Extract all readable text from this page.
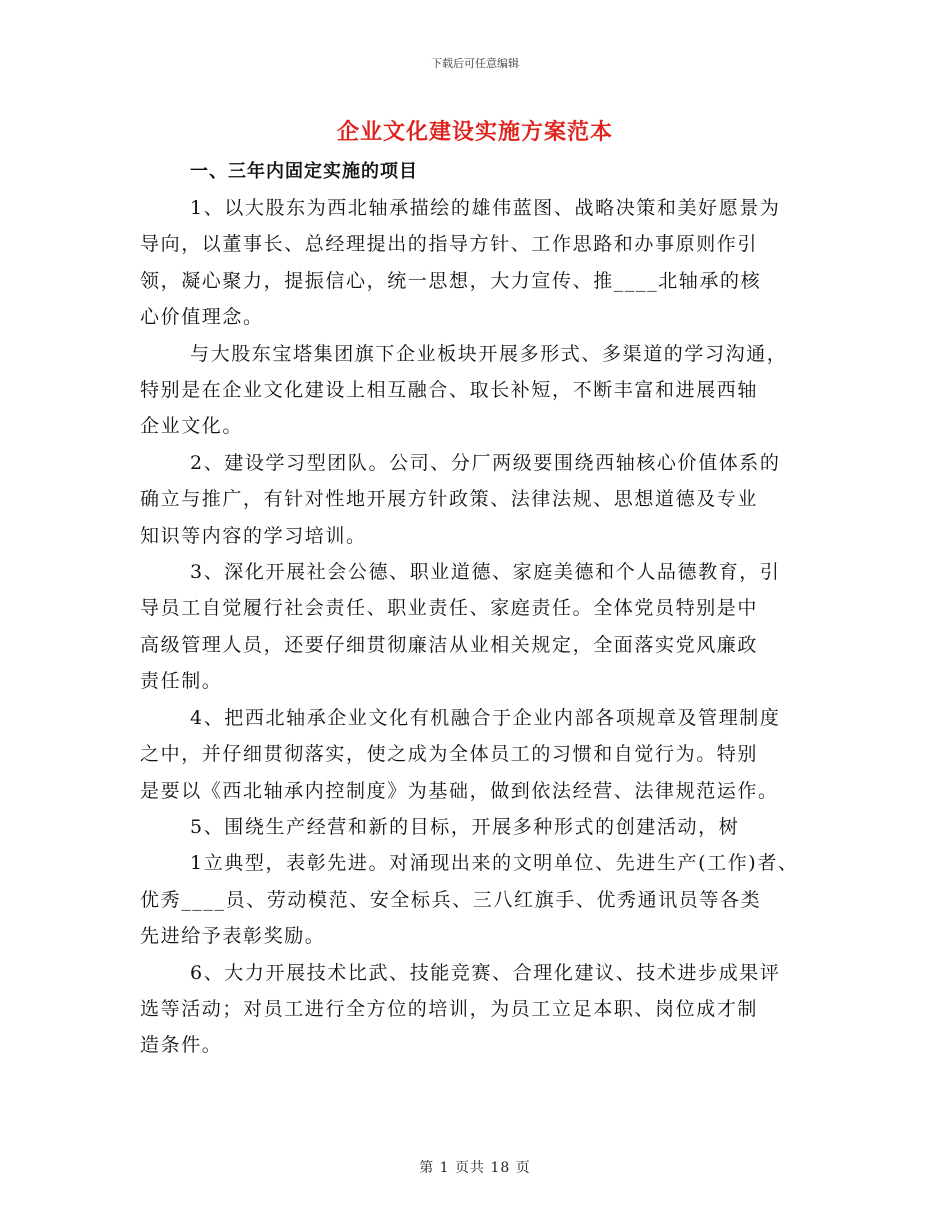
下载后可任意编辑
企业文化建设实施方案范本
一、三年内固定实施的项目

1、以大股东为西北轴承描绘的雄伟蓝图、战略决策和美好愿景为
导向，以董事长、总经理提出的指导方针、工作思路和办事原则作引
领，凝心聚力，提振信心，统一思想，大力宣传、推____北轴承的核
心价值理念。

与大股东宝塔集团旗下企业板块开展多形式、多渠道的学习沟通，
特别是在企业文化建设上相互融合、取长补短，不断丰富和进展西轴
企业文化。

2、建设学习型团队。公司、分厂两级要围绕西轴核心价值体系的
确立与推广，有针对性地开展方针政策、法律法规、思想道德及专业
知识等内容的学习培训。

3、深化开展社会公德、职业道德、家庭美德和个人品德教育，引
导员工自觉履行社会责任、职业责任、家庭责任。全体党员特别是中
高级管理人员，还要仔细贯彻廉洁从业相关规定，全面落实党风廉政
责任制。

4、把西北轴承企业文化有机融合于企业内部各项规章及管理制度
之中，并仔细贯彻落实，使之成为全体员工的习惯和自觉行为。特别
是要以《西北轴承内控制度》为基础，做到依法经营、法律规范运作。

5、围绕生产经营和新的目标，开展多种形式的创建活动，树
1立典型，表彰先进。对涌现出来的文明单位、先进生产(工作)者、
优秀____员、劳动模范、安全标兵、三八红旗手、优秀通讯员等各类
先进给予表彰奖励。

6、大力开展技术比武、技能竞赛、合理化建议、技术进步成果评
选等活动；对员工进行全方位的培训，为员工立足本职、岗位成才制
造条件。

第 1 页共 18 页
